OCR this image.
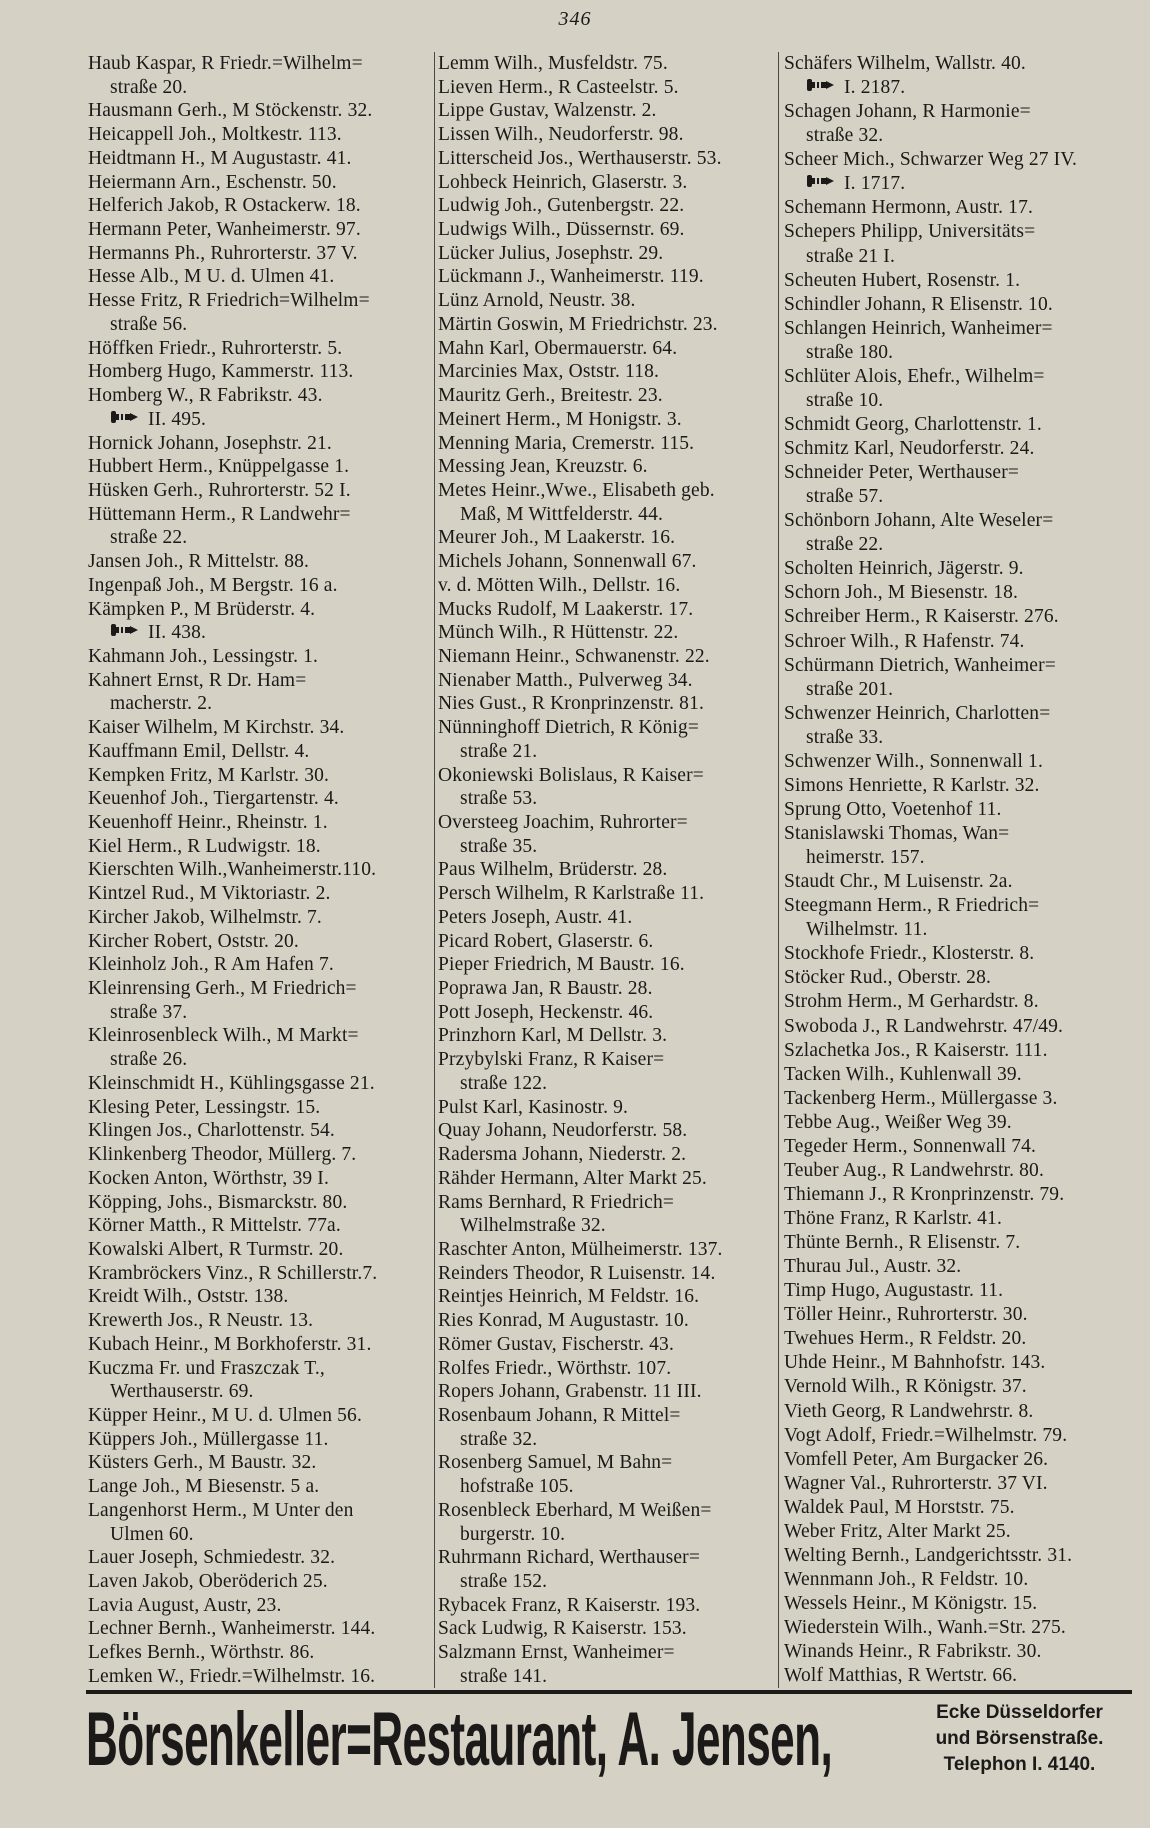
346
Haub Kaspar, R Friedr.=Wilhelm=
straße 20.
Hausmann Gerh., M Stöckenstr. 32.
Heicappell Joh., Moltkestr. 113.
Heidtmann H., M Augustastr. 41.
Heiermann Arn., Eschenstr. 50.
Helferich Jakob, R Ostackerw. 18.
Hermann Peter, Wanheimerstr. 97.
Hermanns Ph., Ruhrorterstr. 37 V.
Hesse Alb., M U. d. Ulmen 41.
Hesse Fritz, R Friedrich=Wilhelm=
straße 56.
Höffken Friedr., Ruhrorterstr. 5.
Homberg Hugo, Kammerstr. 113.
Homberg W., R Fabrikstr. 43.
II. 495.
Hornick Johann, Josephstr. 21.
Hubbert Herm., Knüppelgasse 1.
Hüsken Gerh., Ruhrorterstr. 52 I.
Hüttemann Herm., R Landwehr=
straße 22.
Jansen Joh., R Mittelstr. 88.
Ingenpaß Joh., M Bergstr. 16 a.
Kämpken P., M Brüderstr. 4.
II. 438.
Kahmann Joh., Lessingstr. 1.
Kahnert Ernst, R Dr. Ham=
macherstr. 2.
Kaiser Wilhelm, M Kirchstr. 34.
Kauffmann Emil, Dellstr. 4.
Kempken Fritz, M Karlstr. 30.
Keuenhof Joh., Tiergartenstr. 4.
Keuenhoff Heinr., Rheinstr. 1.
Kiel Herm., R Ludwigstr. 18.
Kierschten Wilh.,Wanheimerstr.110.
Kintzel Rud., M Viktoriastr. 2.
Kircher Jakob, Wilhelmstr. 7.
Kircher Robert, Oststr. 20.
Kleinholz Joh., R Am Hafen 7.
Kleinrensing Gerh., M Friedrich=
straße 37.
Kleinrosenbleck Wilh., M Markt=
straße 26.
Kleinschmidt H., Kühlingsgasse 21.
Klesing Peter, Lessingstr. 15.
Klingen Jos., Charlottenstr. 54.
Klinkenberg Theodor, Müllerg. 7.
Kocken Anton, Wörthstr, 39 I.
Köpping, Johs., Bismarckstr. 80.
Körner Matth., R Mittelstr. 77a.
Kowalski Albert, R Turmstr. 20.
Krambröckers Vinz., R Schillerstr.7.
Kreidt Wilh., Oststr. 138.
Krewerth Jos., R Neustr. 13.
Kubach Heinr., M Borkhoferstr. 31.
Kuczma Fr. und Fraszczak T.,
Werthauserstr. 69.
Küpper Heinr., M U. d. Ulmen 56.
Küppers Joh., Müllergasse 11.
Küsters Gerh., M Baustr. 32.
Lange Joh., M Biesenstr. 5 a.
Langenhorst Herm., M Unter den
Ulmen 60.
Lauer Joseph, Schmiedestr. 32.
Laven Jakob, Oberöderich 25.
Lavia August, Austr, 23.
Lechner Bernh., Wanheimerstr. 144.
Lefkes Bernh., Wörthstr. 86.
Lemken W., Friedr.=Wilhelmstr. 16.
Lemm Wilh., Musfeldstr. 75.
Lieven Herm., R Casteelstr. 5.
Lippe Gustav, Walzenstr. 2.
Lissen Wilh., Neudorferstr. 98.
Litterscheid Jos., Werthauserstr. 53.
Lohbeck Heinrich, Glaserstr. 3.
Ludwig Joh., Gutenbergstr. 22.
Ludwigs Wilh., Düssernstr. 69.
Lücker Julius, Josephstr. 29.
Lückmann J., Wanheimerstr. 119.
Lünz Arnold, Neustr. 38.
Märtin Goswin, M Friedrichstr. 23.
Mahn Karl, Obermauerstr. 64.
Marcinies Max, Oststr. 118.
Mauritz Gerh., Breitestr. 23.
Meinert Herm., M Honigstr. 3.
Menning Maria, Cremerstr. 115.
Messing Jean, Kreuzstr. 6.
Metes Heinr.,Wwe., Elisabeth geb.
Maß, M Wittfelderstr. 44.
Meurer Joh., M Laakerstr. 16.
Michels Johann, Sonnenwall 67.
v. d. Mötten Wilh., Dellstr. 16.
Mucks Rudolf, M Laakerstr. 17.
Münch Wilh., R Hüttenstr. 22.
Niemann Heinr., Schwanenstr. 22.
Nienaber Matth., Pulverweg 34.
Nies Gust., R Kronprinzenstr. 81.
Nünninghoff Dietrich, R König=
straße 21.
Okoniewski Bolislaus, R Kaiser=
straße 53.
Oversteeg Joachim, Ruhrorter=
straße 35.
Paus Wilhelm, Brüderstr. 28.
Persch Wilhelm, R Karlstraße 11.
Peters Joseph, Austr. 41.
Picard Robert, Glaserstr. 6.
Pieper Friedrich, M Baustr. 16.
Poprawa Jan, R Baustr. 28.
Pott Joseph, Heckenstr. 46.
Prinzhorn Karl, M Dellstr. 3.
Przybylski Franz, R Kaiser=
straße 122.
Pulst Karl, Kasinostr. 9.
Quay Johann, Neudorferstr. 58.
Radersma Johann, Niederstr. 2.
Rähder Hermann, Alter Markt 25.
Rams Bernhard, R Friedrich=
Wilhelmstraße 32.
Raschter Anton, Mülheimerstr. 137.
Reinders Theodor, R Luisenstr. 14.
Reintjes Heinrich, M Feldstr. 16.
Ries Konrad, M Augustastr. 10.
Römer Gustav, Fischerstr. 43.
Rolfes Friedr., Wörthstr. 107.
Ropers Johann, Grabenstr. 11 III.
Rosenbaum Johann, R Mittel=
straße 32.
Rosenberg Samuel, M Bahn=
hofstraße 105.
Rosenbleck Eberhard, M Weißen=
burgerstr. 10.
Ruhrmann Richard, Werthauser=
straße 152.
Rybacek Franz, R Kaiserstr. 193.
Sack Ludwig, R Kaiserstr. 153.
Salzmann Ernst, Wanheimer=
straße 141.
Schäfers Wilhelm, Wallstr. 40.
I. 2187.
Schagen Johann, R Harmonie=
straße 32.
Scheer Mich., Schwarzer Weg 27 IV.
I. 1717.
Schemann Hermonn, Austr. 17.
Schepers Philipp, Universitäts=
straße 21 I.
Scheuten Hubert, Rosenstr. 1.
Schindler Johann, R Elisenstr. 10.
Schlangen Heinrich, Wanheimer=
straße 180.
Schlüter Alois, Ehefr., Wilhelm=
straße 10.
Schmidt Georg, Charlottenstr. 1.
Schmitz Karl, Neudorferstr. 24.
Schneider Peter, Werthauser=
straße 57.
Schönborn Johann, Alte Weseler=
straße 22.
Scholten Heinrich, Jägerstr. 9.
Schorn Joh., M Biesenstr. 18.
Schreiber Herm., R Kaiserstr. 276.
Schroer Wilh., R Hafenstr. 74.
Schürmann Dietrich, Wanheimer=
straße 201.
Schwenzer Heinrich, Charlotten=
straße 33.
Schwenzer Wilh., Sonnenwall 1.
Simons Henriette, R Karlstr. 32.
Sprung Otto, Voetenhof 11.
Stanislawski Thomas, Wan=
heimerstr. 157.
Staudt Chr., M Luisenstr. 2a.
Steegmann Herm., R Friedrich=
Wilhelmstr. 11.
Stockhofe Friedr., Klosterstr. 8.
Stöcker Rud., Oberstr. 28.
Strohm Herm., M Gerhardstr. 8.
Swoboda J., R Landwehrstr. 47/49.
Szlachetka Jos., R Kaiserstr. 111.
Tacken Wilh., Kuhlenwall 39.
Tackenberg Herm., Müllergasse 3.
Tebbe Aug., Weißer Weg 39.
Tegeder Herm., Sonnenwall 74.
Teuber Aug., R Landwehrstr. 80.
Thiemann J., R Kronprinzenstr. 79.
Thöne Franz, R Karlstr. 41.
Thünte Bernh., R Elisenstr. 7.
Thurau Jul., Austr. 32.
Timp Hugo, Augustastr. 11.
Töller Heinr., Ruhrorterstr. 30.
Twehues Herm., R Feldstr. 20.
Uhde Heinr., M Bahnhofstr. 143.
Vernold Wilh., R Königstr. 37.
Vieth Georg, R Landwehrstr. 8.
Vogt Adolf, Friedr.=Wilhelmstr. 79.
Vomfell Peter, Am Burgacker 26.
Wagner Val., Ruhrorterstr. 37 VI.
Waldek Paul, M Horststr. 75.
Weber Fritz, Alter Markt 25.
Welting Bernh., Landgerichtsstr. 31.
Wennmann Joh., R Feldstr. 10.
Wessels Heinr., M Königstr. 15.
Wiederstein Wilh., Wanh.=Str. 275.
Winands Heinr., R Fabrikstr. 30.
Wolf Matthias, R Wertstr. 66.
Börsenkeller=Restaurant, A. Jensen,	Ecke Düsseldorfer
und Börsenstraße.
Telephon I. 4140.
